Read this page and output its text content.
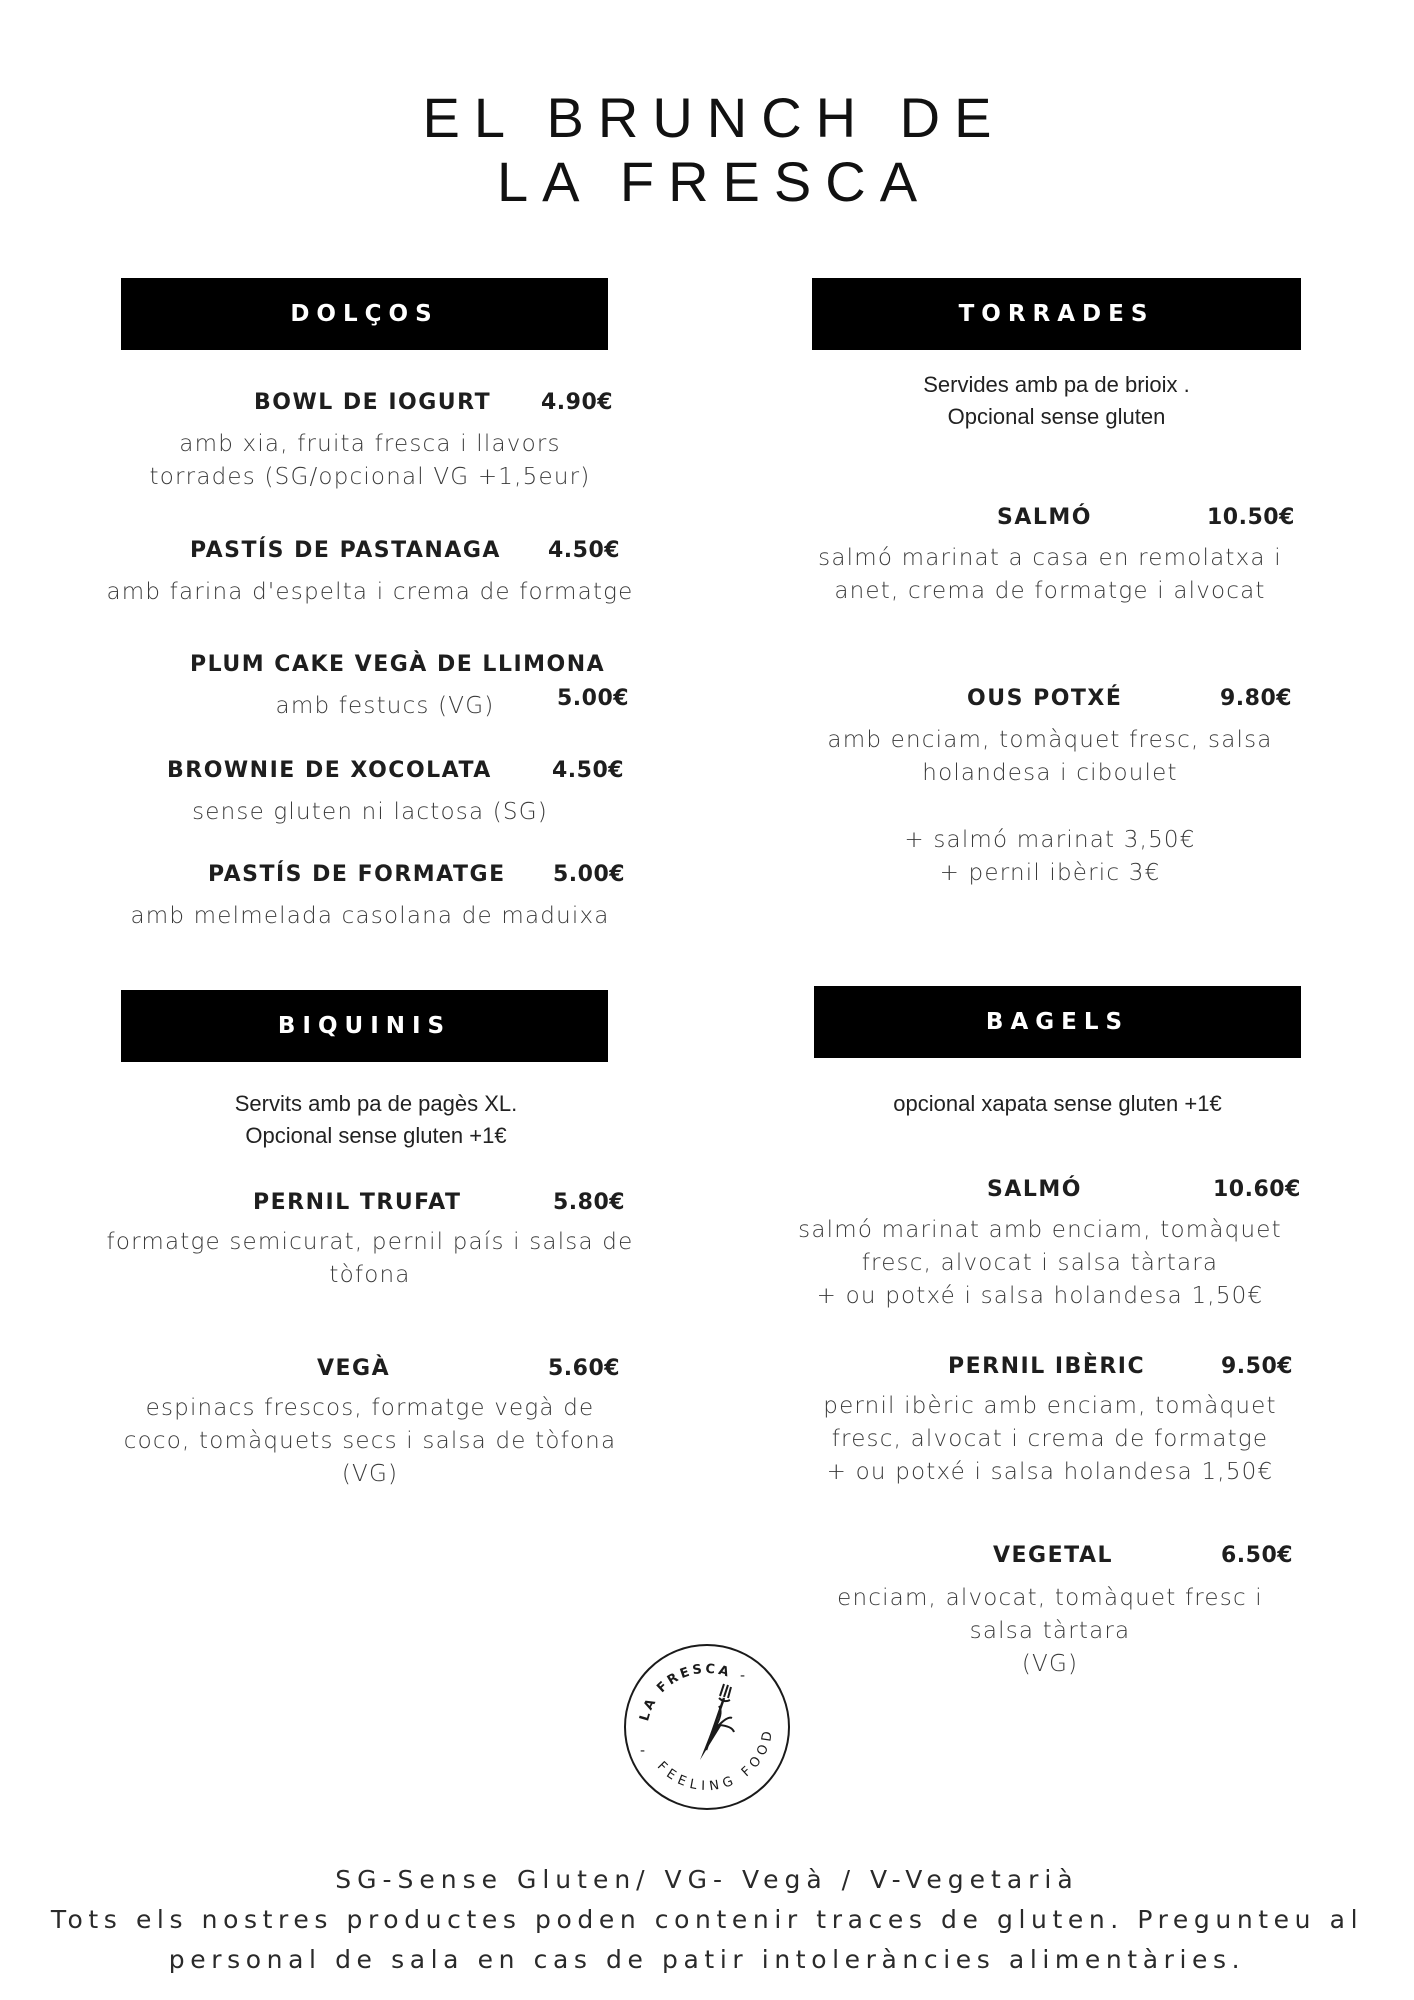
EL BRUNCH DE
LA FRESCA
DOLÇOS
BOWL DE IOGURT 4.90€
amb xia, fruita fresca i llavors
torrades (SG/opcional VG +1,5eur)
PASTÍS DE PASTANAGA 4.50€
amb farina d'espelta i crema de formatge
PLUM CAKE VEGÀ DE LLIMONA
5.00€
amb festucs (VG)
BROWNIE DE XOCOLATA	4.50€
sense gluten ni lactosa (SG)
PASTÍS DE FORMATGE 5.00€
amb melmelada casolana de maduixa
TORRADES
Servides amb pa de brioix .
Opcional sense gluten
SALMÓ	10.50€
salmó marinat a casa en remolatxa i
anet, crema de formatge i alvocat
OUS POTXÉ	9.80€
amb enciam, tomàquet fresc, salsa
holandesa i ciboulet
+ salmó marinat 3,50€
+ pernil ibèric 3€
BIQUINIS
Servits amb pa de pagès XL.
Opcional sense gluten +1€
PERNIL TRUFAT	5.80€
formatge semicurat, pernil país i salsa de
tòfona
VEGÀ	5.60€
espinacs frescos, formatge vegà de
coco, tomàquets secs i salsa de tòfona
(VG)
BAGELS
opcional xapata sense gluten +1€
SALMÓ	10.60€
salmó marinat amb enciam, tomàquet
fresc, alvocat i salsa tàrtara
+ ou potxé i salsa holandesa 1,50€
PERNIL IBÈRIC	9.50€
pernil ibèric amb enciam, tomàquet
fresc, alvocat i crema de formatge
+ ou potxé i salsa holandesa 1,50€
VEGETAL	6.50€
enciam, alvocat, tomàquet fresc i
salsa tàrtara
(VG)
LA FRESCA
FEELING FOOD
-
-
SG-Sense Gluten/ VG- Vegà / V-Vegetarià
Tots els nostres productes poden contenir traces de gluten. Pregunteu al
personal de sala en cas de patir intoleràncies alimentàries.
